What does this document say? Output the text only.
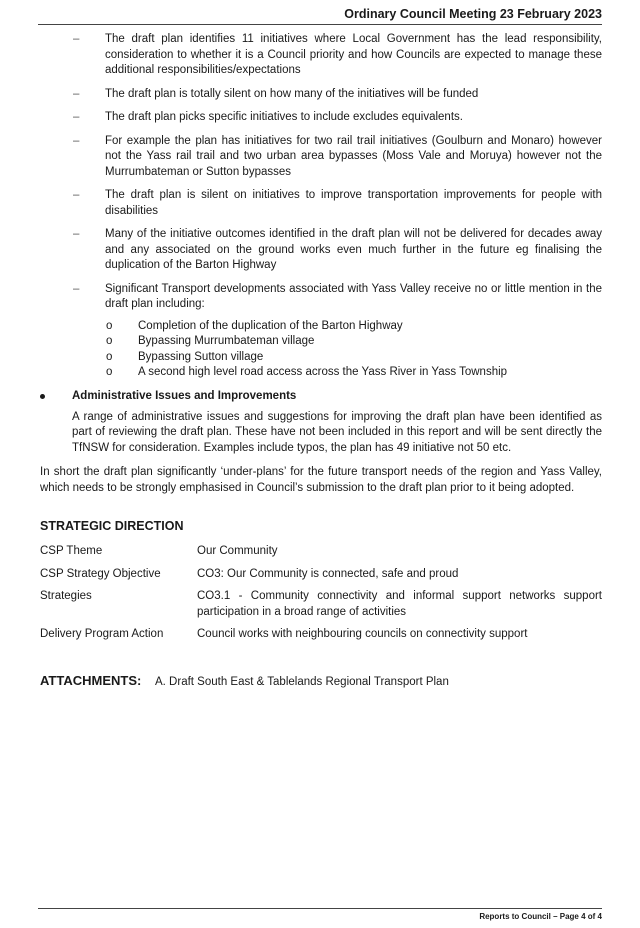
Ordinary Council Meeting 23 February 2023
– The draft plan identifies 11 initiatives where Local Government has the lead responsibility, consideration to whether it is a Council priority and how Councils are expected to manage these additional responsibilities/expectations
– The draft plan is totally silent on how many of the initiatives will be funded
– The draft plan picks specific initiatives to include excludes equivalents.
– For example the plan has initiatives for two rail trail initiatives (Goulburn and Monaro) however not the Yass rail trail and two urban area bypasses (Moss Vale and Moruya) however not the Murrumbateman or Sutton bypasses
– The draft plan is silent on initiatives to improve transportation improvements for people with disabilities
– Many of the initiative outcomes identified in the draft plan will not be delivered for decades away and any associated on the ground works even much further in the future eg finalising the duplication of the Barton Highway
– Significant Transport developments associated with Yass Valley receive no or little mention in the draft plan including:
o Completion of the duplication of the Barton Highway
o Bypassing Murrumbateman village
o Bypassing Sutton village
o A second high level road access across the Yass River in Yass Township
Administrative Issues and Improvements
A range of administrative issues and suggestions for improving the draft plan have been identified as part of reviewing the draft plan. These have not been included in this report and will be sent directly the TfNSW for consideration. Examples include typos, the plan has 49 initiative not 50 etc.
In short the draft plan significantly ‘under-plans’ for the future transport needs of the region and Yass Valley, which needs to be strongly emphasised in Council’s submission to the draft plan prior to it being adopted.
STRATEGIC DIRECTION
CSP Theme	Our Community
CSP Strategy Objective	CO3: Our Community is connected, safe and proud
Strategies	CO3.1 - Community connectivity and informal support networks support participation in a broad range of activities
Delivery Program Action	Council works with neighbouring councils on connectivity support
ATTACHMENTS:	A. Draft South East & Tablelands Regional Transport Plan
Reports to Council – Page 4 of 4
